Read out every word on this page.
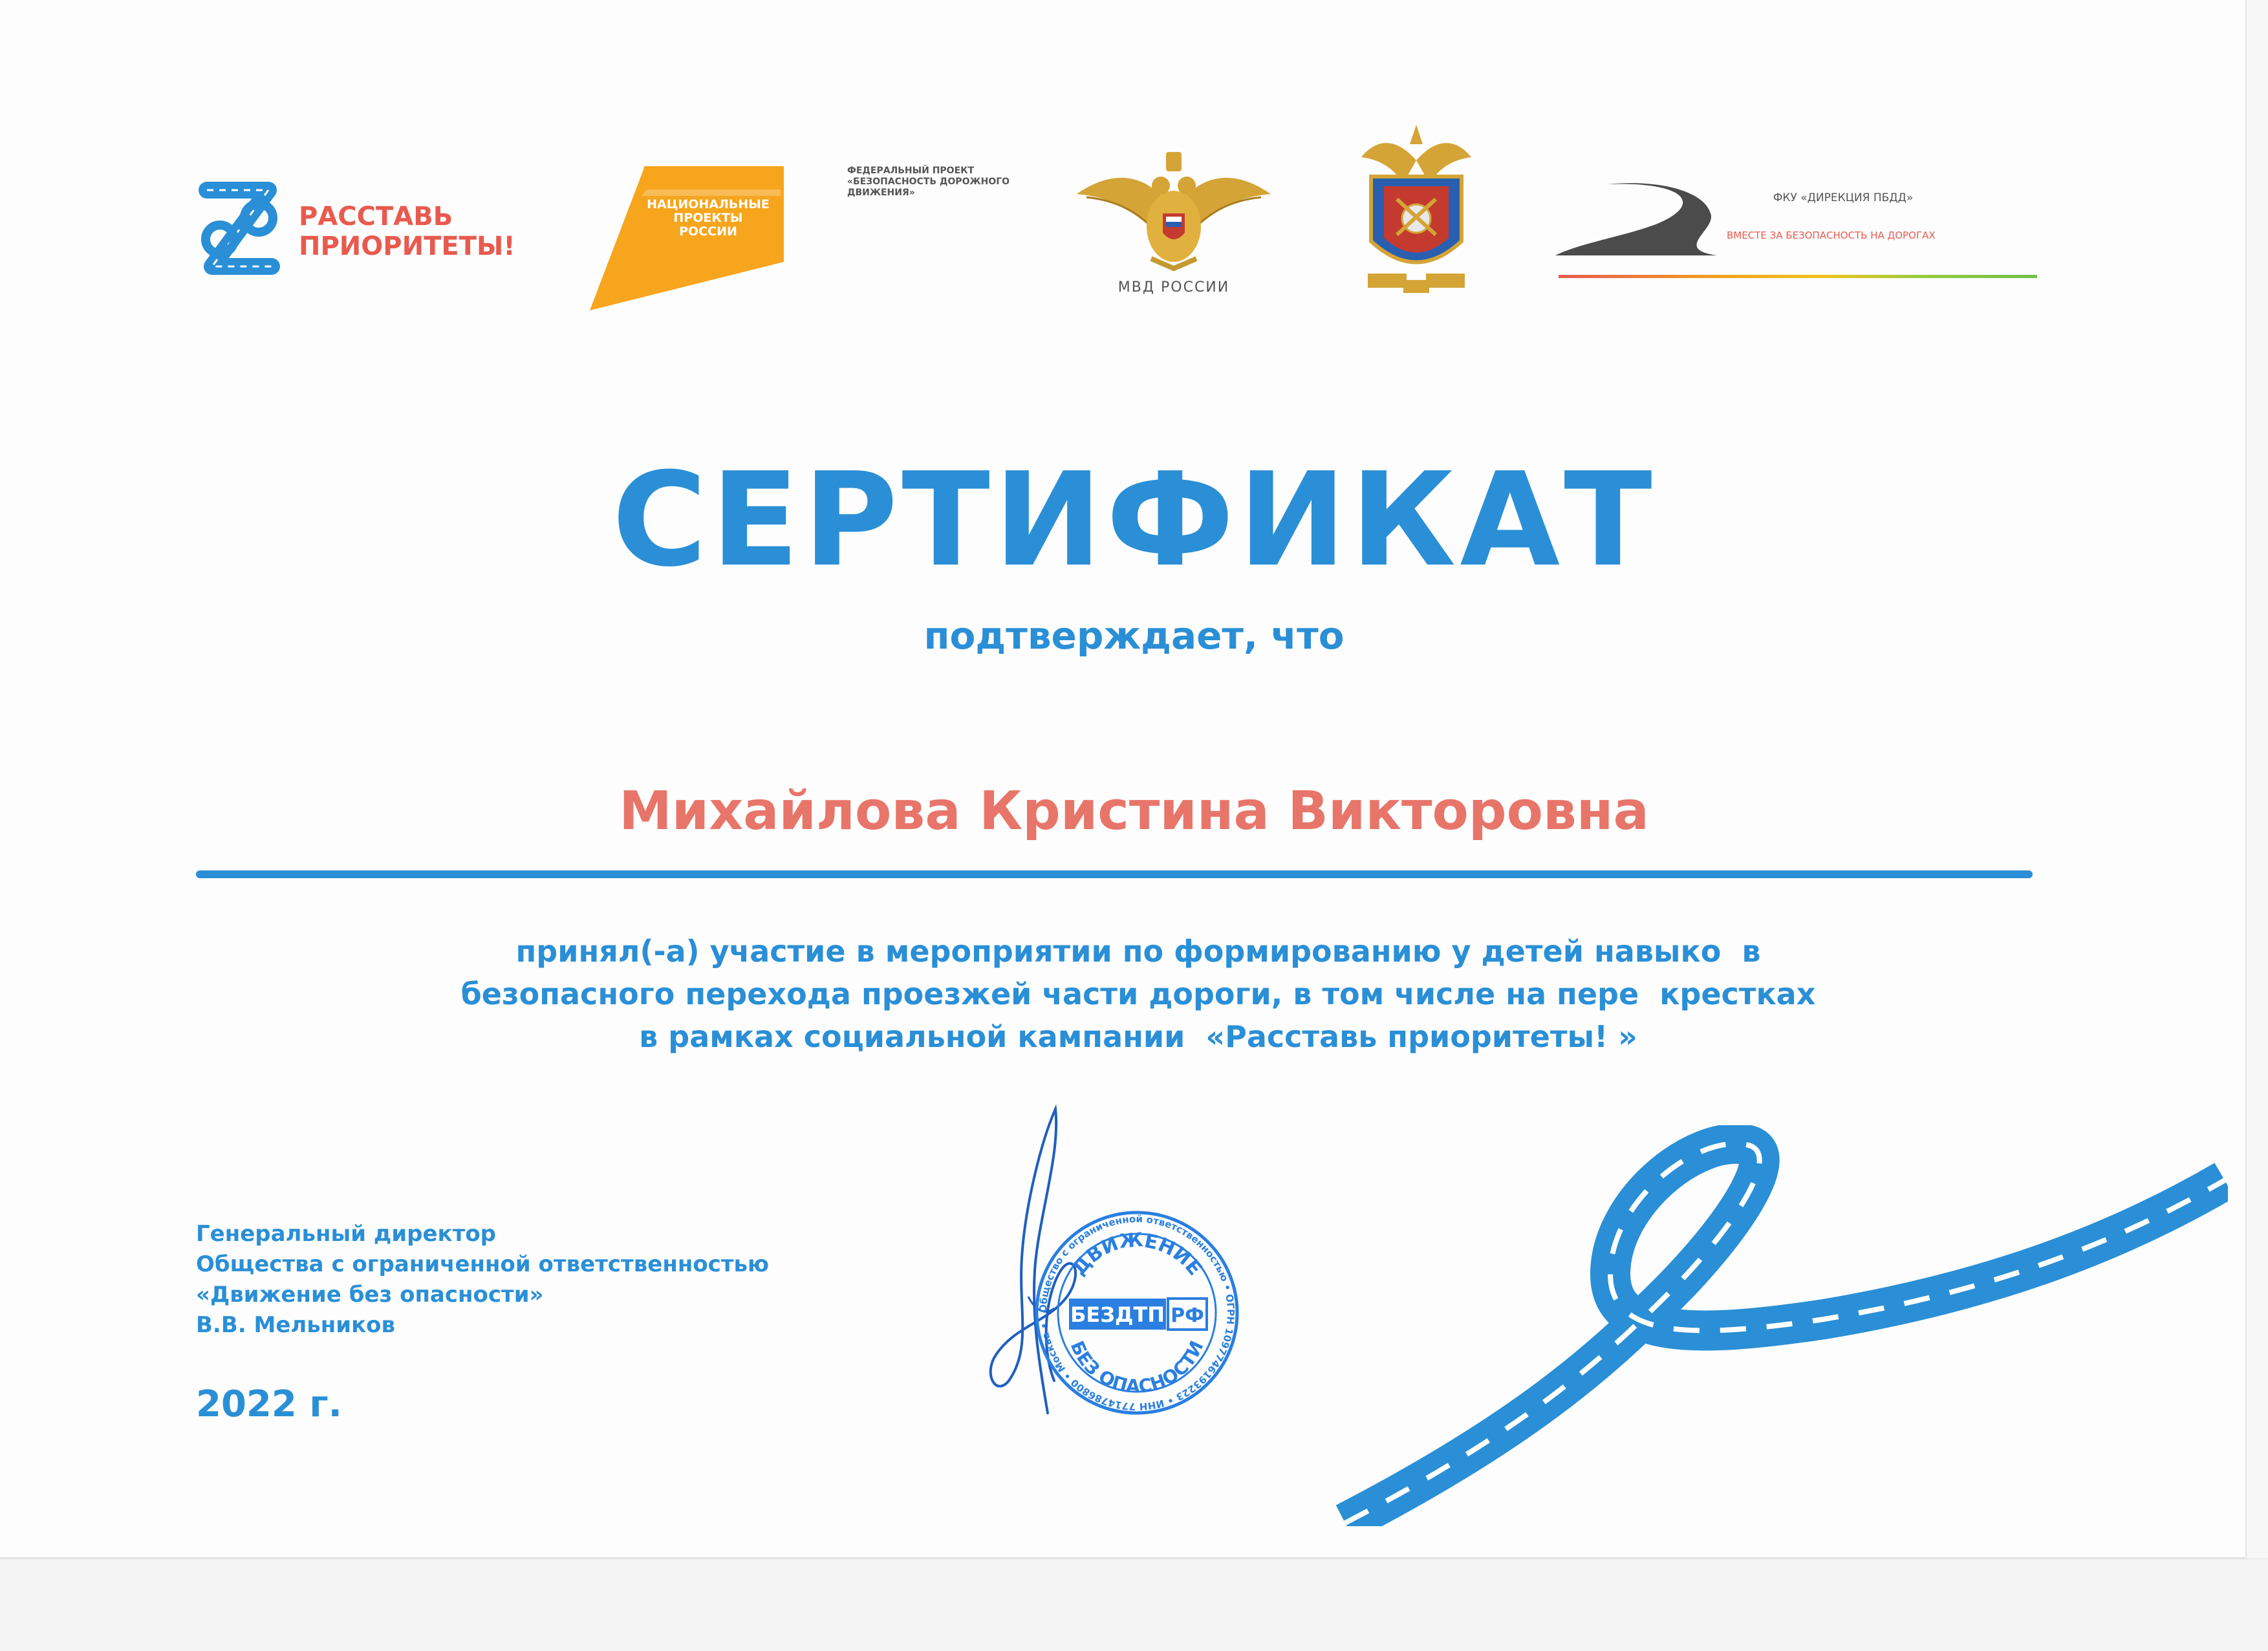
РАССТАВЬ
ПРИОРИТЕТЫ!
БЕЗОПАСНЫЕ КАЧЕСТВЕННЫЕ ДОРОГИ
НАЦИОНАЛЬНЫЕ
ПРОЕКТЫ
РОССИИ
ФЕДЕРАЛЬНЫЙ ПРОЕКТ
«БЕЗОПАСНОСТЬ ДОРОЖНОГО
ДВИЖЕНИЯ»
МВД РОССИИ
ФКУ «ДИРЕКЦИЯ ПБДД»
ВМЕСТЕ ЗА БЕЗОПАСНОСТЬ НА ДОРОГАХ
СЕРТИФИКАТ
подтверждает, что
Михайлова Кристина Викторовна
принял(-а) участие в мероприятии по формированию у детей навыко  в
безопасного перехода проезжей части дороги, в том числе на пере  крестках
в рамках социальной кампании  «Расставь приоритеты! »
Генеральный директор
Общества с ограниченной ответственностью
«Движение без опасности»
В.В. Мельников
2022 г.
Общество с ограниченной ответственностью • ОГРН 1097746193223 • ИНН 7714786800 • Москва •
ДВИЖЕНИЕ
БЕЗ ОПАСНОСТИ
БЕЗДТП РФ
